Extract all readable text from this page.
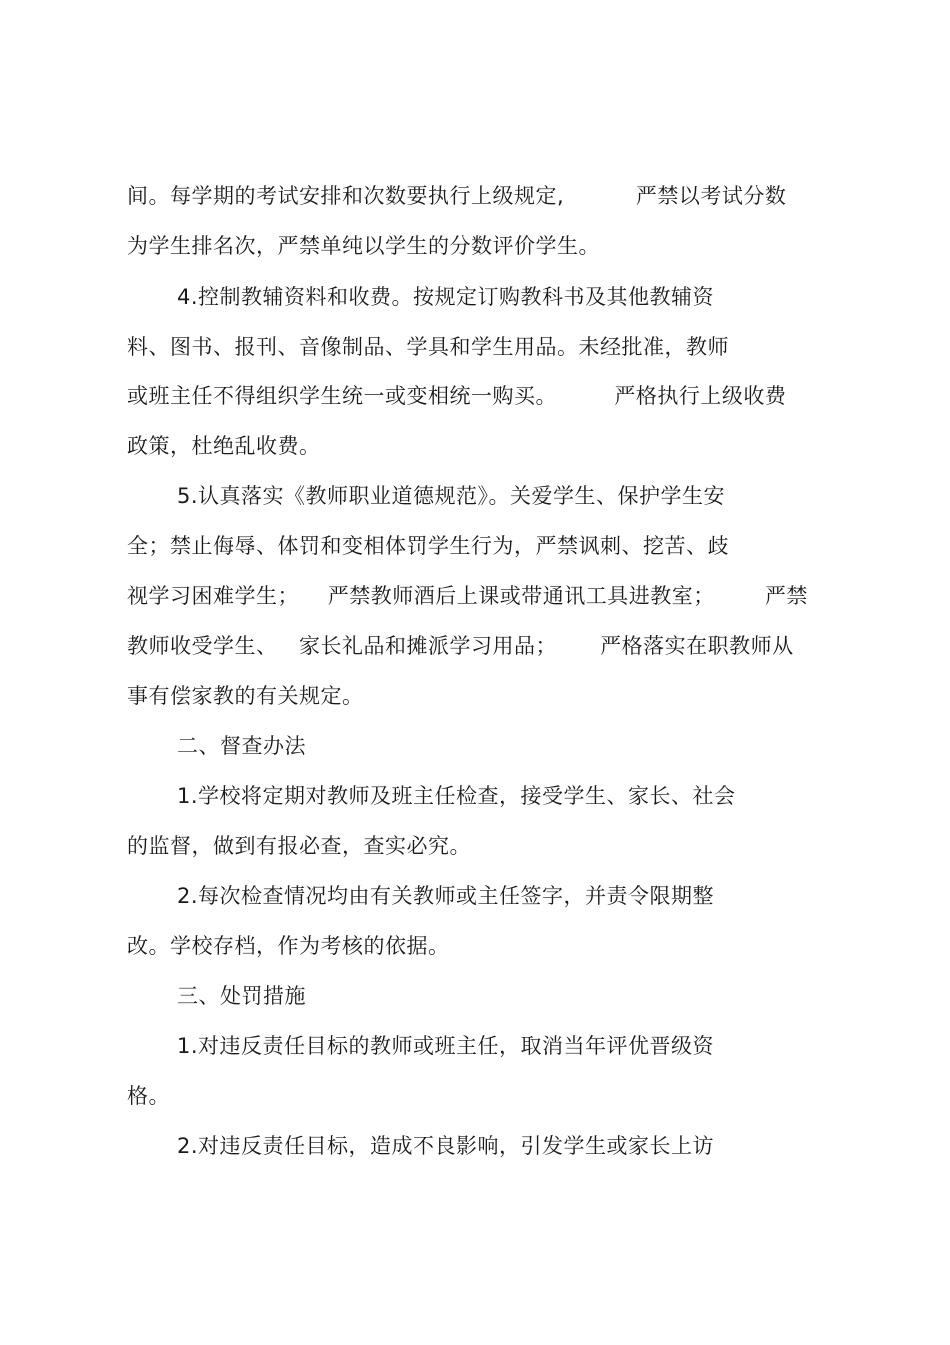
间。每学期的考试安排和次数要执行上级规定,          严禁以考试分数
为学生排名次，严禁单纯以学生的分数评价学生。
4.控制教辅资料和收费。按规定订购教科书及其他教辅资
料、图书、报刊、音像制品、学具和学生用品。未经批准，教师
或班主任不得组织学生统一或变相统一购买。        严格执行上级收费
政策，杜绝乱收费。
5.认真落实《教师职业道德规范》。关爱学生、保护学生安
全；禁止侮辱、体罚和变相体罚学生行为，严禁讽刺、挖苦、歧
视学习困难学生；    严禁教师酒后上课或带通讯工具进教室；       严禁
教师收受学生、   家长礼品和摊派学习用品；      严格落实在职教师从
事有偿家教的有关规定。
二、督查办法
1.学校将定期对教师及班主任检查，接受学生、家长、社会
的监督，做到有报必查，查实必究。
2.每次检查情况均由有关教师或主任签字，并责令限期整
改。学校存档，作为考核的依据。
三、处罚措施
1.对违反责任目标的教师或班主任，取消当年评优晋级资
格。
2.对违反责任目标，造成不良影响，引发学生或家长上访
